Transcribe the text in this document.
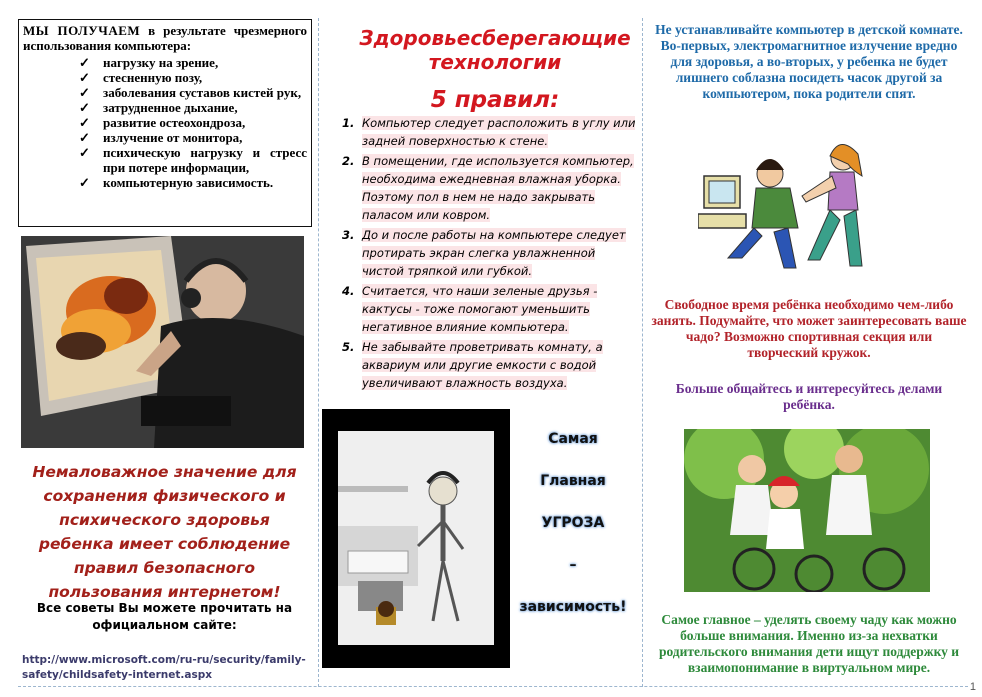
МЫ ПОЛУЧАЕМ в результате чрезмерного использования компьютера:

✓ нагрузку на зрение,
✓ стесненную позу,
✓ заболевания суставов кистей рук,
✓ затрудненное дыхание,
✓ развитие остеохондроза,
✓ излучение от монитора,
✓ психическую нагрузку и стресс при потере информации,
✓ компьютерную зависимость.
Немаловажное значение для сохранения физического и психического здоровья ребенка имеет соблюдение правил безопасного пользования интернетом!
Все советы Вы можете прочитать на официальном сайте:
http://www.microsoft.com/ru-ru/security/family-safety/childsafety-internet.aspx
Здоровьесберегающие технологии
5 правил:
1. Компьютер следует расположить в углу или задней поверхностью к стене.
2. В помещении, где используется компьютер, необходима ежедневная влажная уборка. Поэтому пол в нем не надо закрывать паласом или ковром.
3. До и после работы на компьютере следует протирать экран слегка увлажненной чистой тряпкой или губкой.
4. Считается, что наши зеленые друзья - кактусы - тоже помогают уменьшить негативное влияние компьютера.
5. Не забывайте проветривать комнату, а аквариум или другие емкости с водой увеличивают влажность воздуха.
Самая
Главная
УГРОЗА
–
зависимость!
Не устанавливайте компьютер в детской комнате. Во-первых, электромагнитное излучение вредно для здоровья, а во-вторых, у ребенка не будет лишнего соблазна посидеть часок другой за компьютером, пока родители спят.
Свободное время ребёнка необходимо чем-либо занять. Подумайте, что может заинтересовать ваше чадо? Возможно спортивная секция или творческий кружок.
Больше общайтесь и интересуйтесь делами ребёнка.
Самое главное – уделять своему чаду как можно больше внимания. Именно из-за нехватки родительского внимания дети ищут поддержку и взаимопонимание в виртуальном мире.
1
